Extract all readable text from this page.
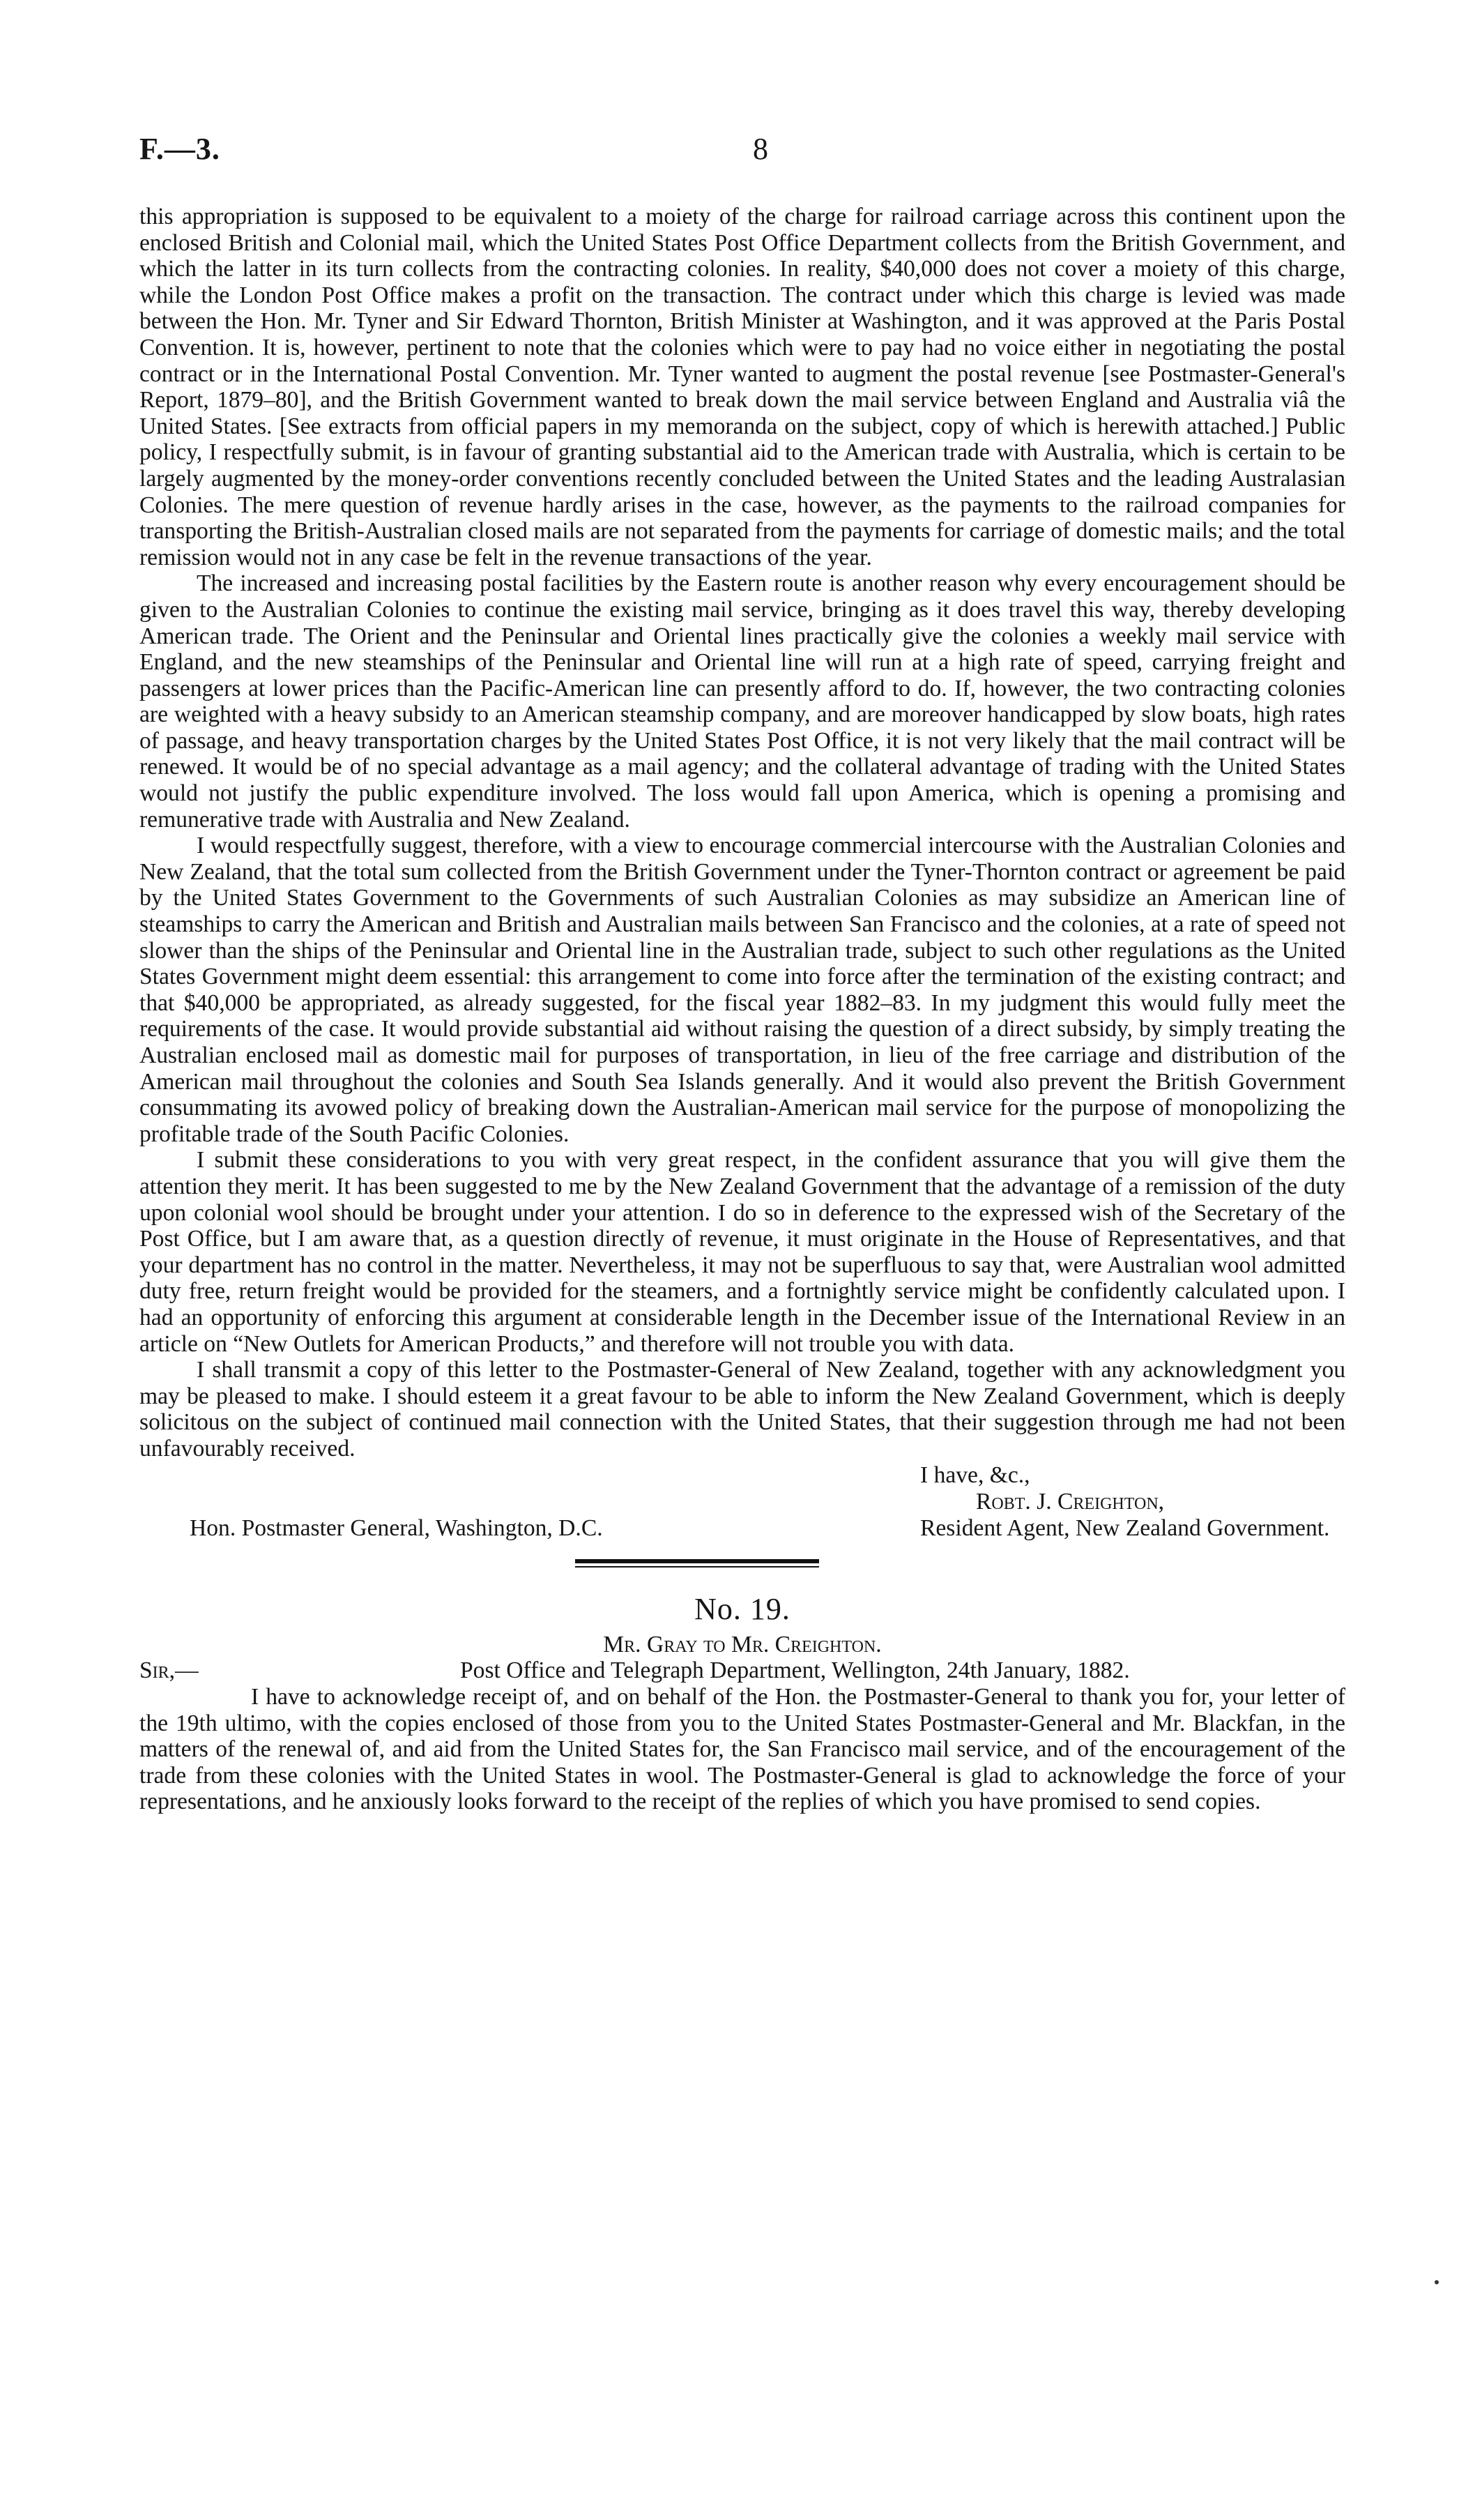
F.—3.	8

this appropriation is supposed to be equivalent to a moiety of the charge for railroad carriage across this continent upon the enclosed British and Colonial mail, which the United States Post Office Department collects from the British Government, and which the latter in its turn collects from the contracting colonies. In reality, $40,000 does not cover a moiety of this charge, while the London Post Office makes a profit on the transaction. The contract under which this charge is levied was made between the Hon. Mr. Tyner and Sir Edward Thornton, British Minister at Washington, and it was approved at the Paris Postal Convention. It is, however, pertinent to note that the colonies which were to pay had no voice either in negotiating the postal contract or in the International Postal Convention. Mr. Tyner wanted to augment the postal revenue [see Postmaster-General's Report, 1879–80], and the British Government wanted to break down the mail service between England and Australia viâ the United States. [See extracts from official papers in my memoranda on the subject, copy of which is herewith attached.] Public policy, I respectfully submit, is in favour of granting substantial aid to the American trade with Australia, which is certain to be largely augmented by the money-order conventions recently concluded between the United States and the leading Australasian Colonies. The mere question of revenue hardly arises in the case, however, as the payments to the railroad companies for transporting the British-Australian closed mails are not separated from the payments for carriage of domestic mails; and the total remission would not in any case be felt in the revenue transactions of the year.

The increased and increasing postal facilities by the Eastern route is another reason why every encouragement should be given to the Australian Colonies to continue the existing mail service, bringing as it does travel this way, thereby developing American trade. The Orient and the Peninsular and Oriental lines practically give the colonies a weekly mail service with England, and the new steamships of the Peninsular and Oriental line will run at a high rate of speed, carrying freight and passengers at lower prices than the Pacific-American line can presently afford to do. If, however, the two contracting colonies are weighted with a heavy subsidy to an American steamship company, and are moreover handicapped by slow boats, high rates of passage, and heavy transportation charges by the United States Post Office, it is not very likely that the mail contract will be renewed. It would be of no special advantage as a mail agency; and the collateral advantage of trading with the United States would not justify the public expenditure involved. The loss would fall upon America, which is opening a promising and remunerative trade with Australia and New Zealand.

I would respectfully suggest, therefore, with a view to encourage commercial intercourse with the Australian Colonies and New Zealand, that the total sum collected from the British Government under the Tyner-Thornton contract or agreement be paid by the United States Government to the Governments of such Australian Colonies as may subsidize an American line of steamships to carry the American and British and Australian mails between San Francisco and the colonies, at a rate of speed not slower than the ships of the Peninsular and Oriental line in the Australian trade, subject to such other regulations as the United States Government might deem essential: this arrangement to come into force after the termination of the existing contract; and that $40,000 be appropriated, as already suggested, for the fiscal year 1882–83. In my judgment this would fully meet the requirements of the case. It would provide substantial aid without raising the question of a direct subsidy, by simply treating the Australian enclosed mail as domestic mail for purposes of transportation, in lieu of the free carriage and distribution of the American mail throughout the colonies and South Sea Islands generally. And it would also prevent the British Government consummating its avowed policy of breaking down the Australian-American mail service for the purpose of monopolizing the profitable trade of the South Pacific Colonies.

I submit these considerations to you with very great respect, in the confident assurance that you will give them the attention they merit. It has been suggested to me by the New Zealand Government that the advantage of a remission of the duty upon colonial wool should be brought under your attention. I do so in deference to the expressed wish of the Secretary of the Post Office, but I am aware that, as a question directly of revenue, it must originate in the House of Representatives, and that your department has no control in the matter. Nevertheless, it may not be superfluous to say that, were Australian wool admitted duty free, return freight would be provided for the steamers, and a fortnightly service might be confidently calculated upon. I had an opportunity of enforcing this argument at considerable length in the December issue of the International Review in an article on “New Outlets for American Products,” and therefore will not trouble you with data.

I shall transmit a copy of this letter to the Postmaster-General of New Zealand, together with any acknowledgment you may be pleased to make. I should esteem it a great favour to be able to inform the New Zealand Government, which is deeply solicitous on the subject of continued mail connection with the United States, that their suggestion through me had not been unfavourably received.

I have, &c.,
Robt. J. Creighton,
Hon. Postmaster General, Washington, D.C.	Resident Agent, New Zealand Government.
No. 19.
Mr. Gray to Mr. Creighton.
Sir,—	Post Office and Telegraph Department, Wellington, 24th January, 1882.

I have to acknowledge receipt of, and on behalf of the Hon. the Postmaster-General to thank you for, your letter of the 19th ultimo, with the copies enclosed of those from you to the United States Postmaster-General and Mr. Blackfan, in the matters of the renewal of, and aid from the United States for, the San Francisco mail service, and of the encouragement of the trade from these colonies with the United States in wool. The Postmaster-General is glad to acknowledge the force of your representations, and he anxiously looks forward to the receipt of the replies of which you have promised to send copies.
